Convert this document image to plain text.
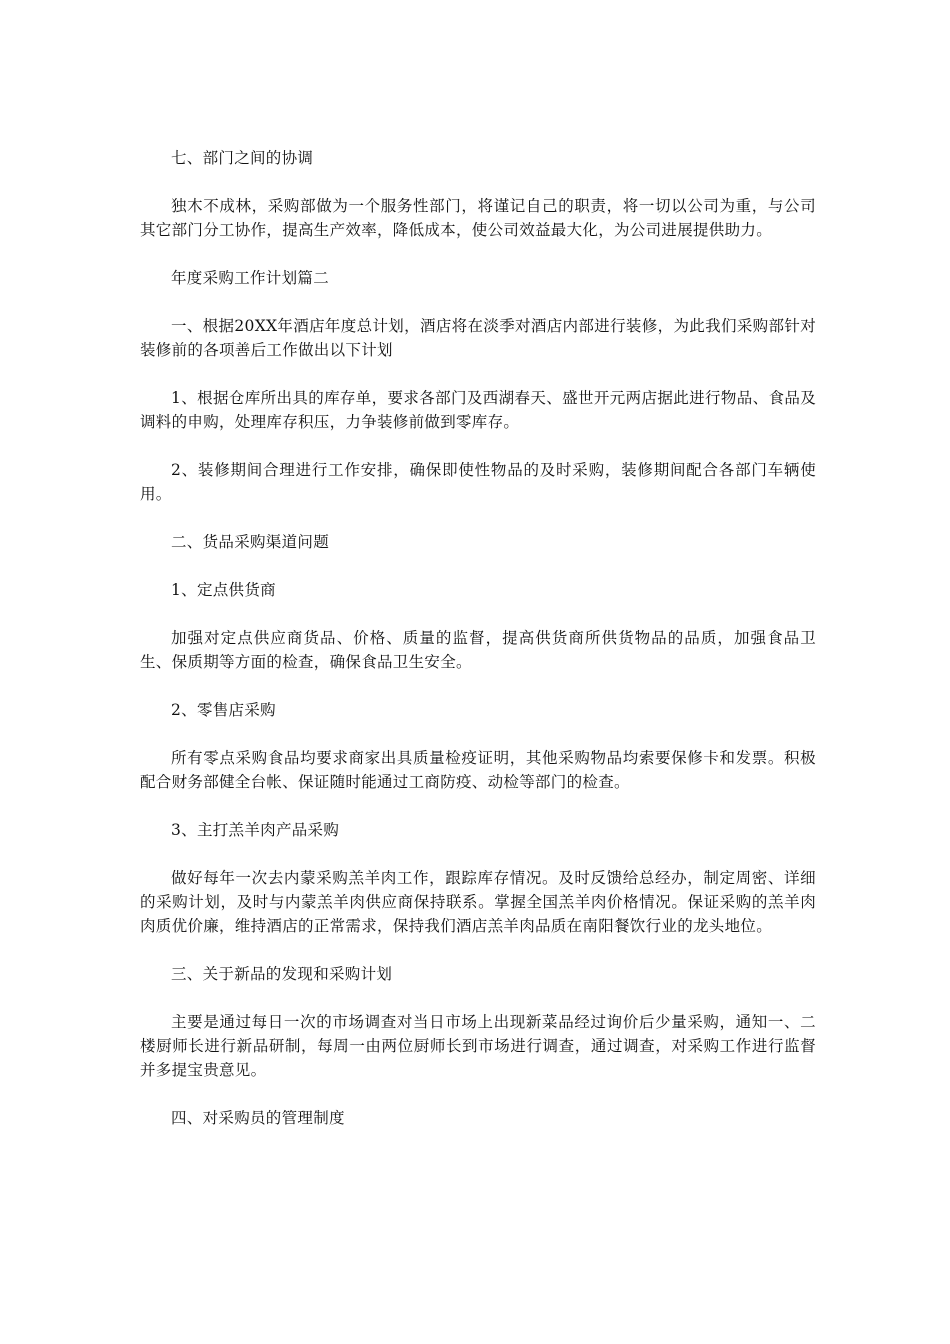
七、部门之间的协调

独木不成林，采购部做为一个服务性部门，将谨记自己的职责，将一切以公司为重，与公司其它部门分工协作，提高生产效率，降低成本，使公司效益最大化，为公司进展提供助力。

年度采购工作计划篇二

一、根据20XX年酒店年度总计划，酒店将在淡季对酒店内部进行装修，为此我们采购部针对装修前的各项善后工作做出以下计划

1、根据仓库所出具的库存单，要求各部门及西湖春天、盛世开元两店据此进行物品、食品及调料的申购，处理库存积压，力争装修前做到零库存。

2、装修期间合理进行工作安排，确保即使性物品的及时采购，装修期间配合各部门车辆使用。

二、货品采购渠道问题

1、定点供货商

加强对定点供应商货品、价格、质量的监督，提高供货商所供货物品的品质，加强食品卫生、保质期等方面的检查，确保食品卫生安全。

2、零售店采购

所有零点采购食品均要求商家出具质量检疫证明，其他采购物品均索要保修卡和发票。积极配合财务部健全台帐、保证随时能通过工商防疫、动检等部门的检查。

3、主打羔羊肉产品采购

做好每年一次去内蒙采购羔羊肉工作，跟踪库存情况。及时反馈给总经办，制定周密、详细的采购计划，及时与内蒙羔羊肉供应商保持联系。掌握全国羔羊肉价格情况。保证采购的羔羊肉肉质优价廉，维持酒店的正常需求，保持我们酒店羔羊肉品质在南阳餐饮行业的龙头地位。

三、关于新品的发现和采购计划

主要是通过每日一次的市场调查对当日市场上出现新菜品经过询价后少量采购，通知一、二楼厨师长进行新品研制，每周一由两位厨师长到市场进行调查，通过调查，对采购工作进行监督并多提宝贵意见。

四、对采购员的管理制度
